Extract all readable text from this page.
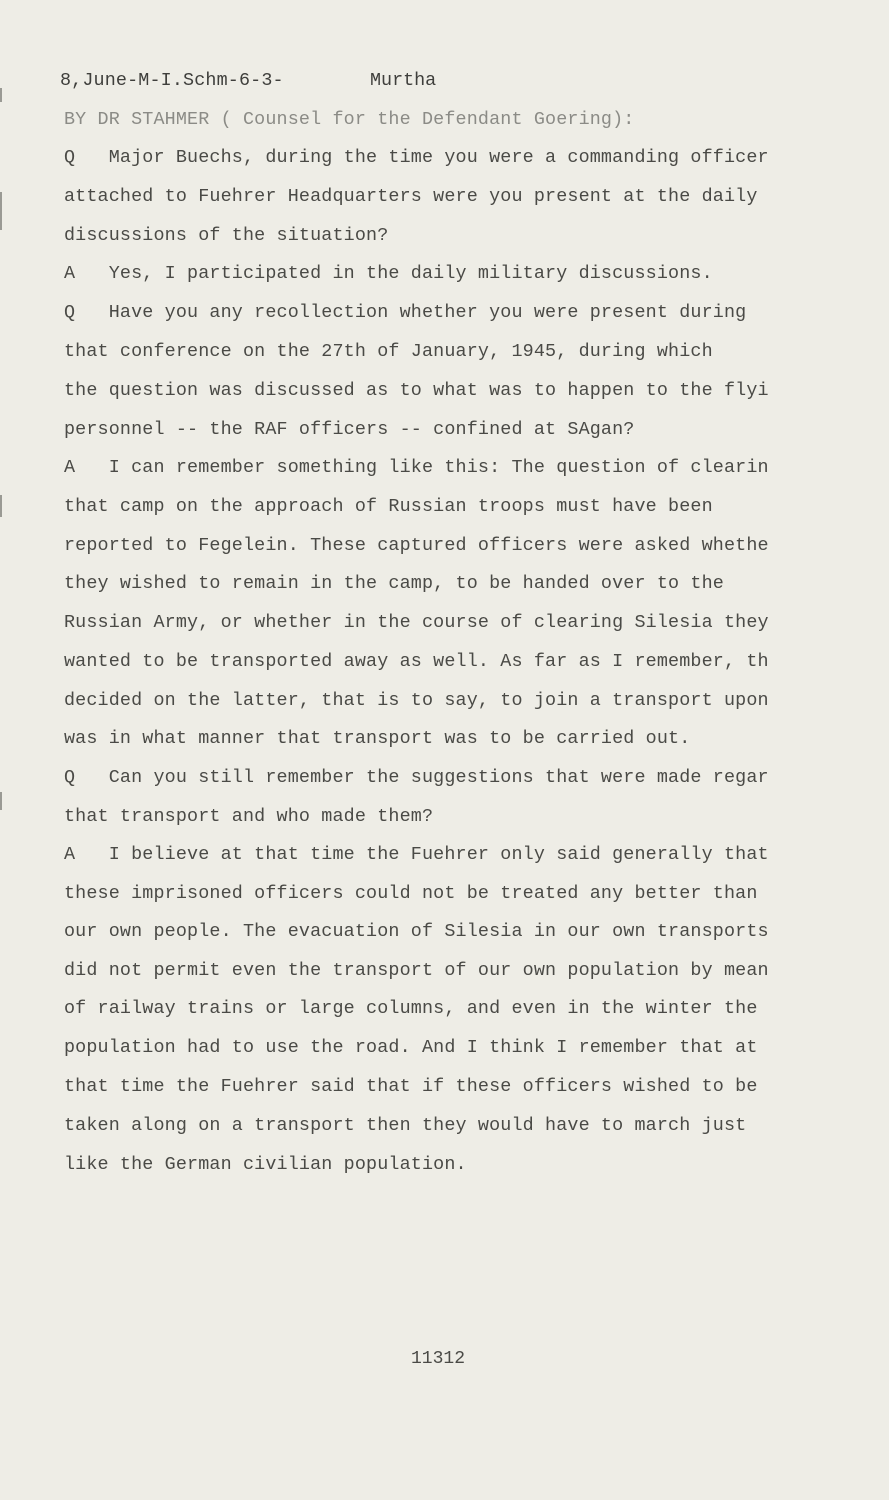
8,June-M-I.Schm-6-3-	Murtha
BY DR STAHMER ( Counsel for the Defendant Goering):
Q   Major Buechs, during the time you were a commanding officer
attached to Fuehrer Headquarters were you present at the daily
discussions of the situation?
A   Yes, I participated in the daily military discussions.
Q   Have you any recollection whether you were present during
that conference on the 27th of January, 1945, during which
the question was discussed as to what was to happen to the flyi
personnel -- the RAF officers -- confined at SAgan?
A   I can remember something like this: The question of clearin
that camp on the approach of Russian troops must have been
reported to Fegelein. These captured officers were asked whethe
they wished to remain in the camp, to be handed over to the
Russian Army, or whether in the course of clearing Silesia they
wanted to be transported away as well. As far as I remember, th
decided on the latter, that is to say, to join a transport upon
was in what manner that transport was to be carried out.
Q   Can you still remember the suggestions that were made regar
that transport and who made them?
A   I believe at that time the Fuehrer only said generally that
these imprisoned officers could not be treated any better than
our own people. The evacuation of Silesia in our own transports
did not permit even the transport of our own population by mean
of railway trains or large columns, and even in the winter the
population had to use the road. And I think I remember that at
that time the Fuehrer said that if these officers wished to be
taken along on a transport then they would have to march just
like the German civilian population.
11312
